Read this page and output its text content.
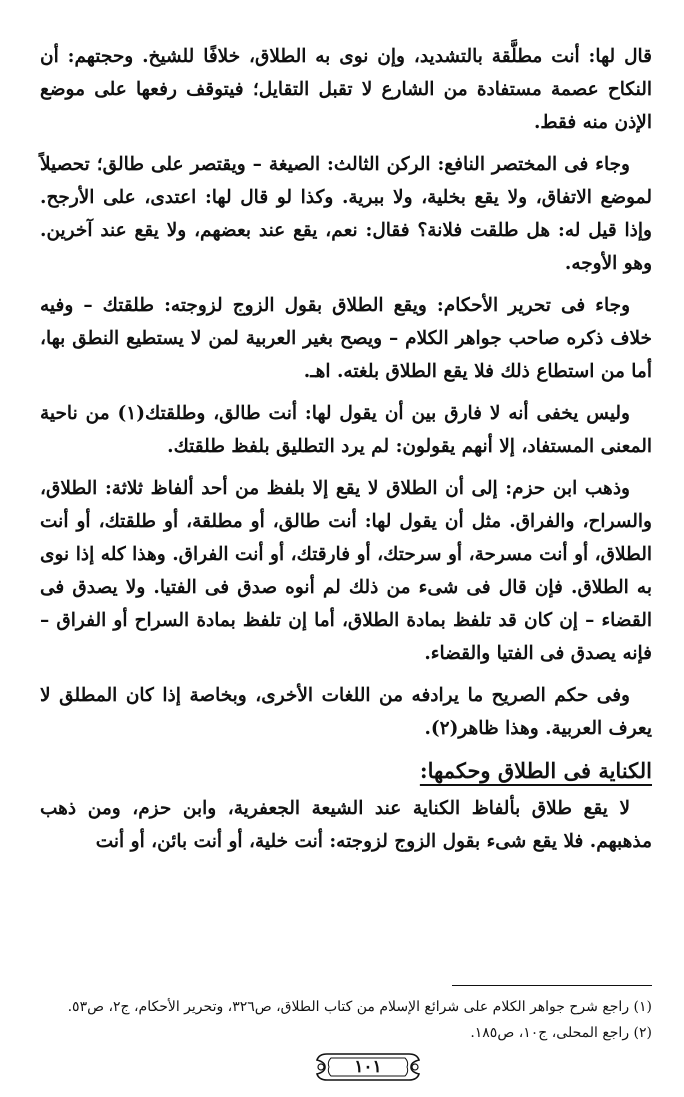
قال لها: أنت مطلَّقة بالتشديد، وإن نوى به الطلاق، خلافًا للشيخ. وحجتهم: أن النكاح عصمة مستفادة من الشارع لا تقبل التقايل؛ فيتوقف رفعها على موضع الإذن منه فقط.

وجاء فى المختصر النافع: الركن الثالث: الصيغة – ويقتصر على طالق؛ تحصيلاً لموضع الاتفاق، ولا يقع بخلية، ولا ببرية. وكذا لو قال لها: اعتدى، على الأرجح. وإذا قيل له: هل طلقت فلانة؟ فقال: نعم، يقع عند بعضهم، ولا يقع عند آخرين. وهو الأوجه.

وجاء فى تحرير الأحكام: ويقع الطلاق بقول الزوج لزوجته: طلقتك – وفيه خلاف ذكره صاحب جواهر الكلام – ويصح بغير العربية لمن لا يستطيع النطق بها، أما من استطاع ذلك فلا يقع الطلاق بلغته. اهـ.

وليس يخفى أنه لا فارق بين أن يقول لها: أنت طالق، وطلقتك(١) من ناحية المعنى المستفاد، إلا أنهم يقولون: لم يرد التطليق بلفظ طلقتك.

وذهب ابن حزم: إلى أن الطلاق لا يقع إلا بلفظ من أحد ألفاظ ثلاثة: الطلاق، والسراح، والفراق. مثل أن يقول لها: أنت طالق، أو مطلقة، أو طلقتك، أو أنت الطلاق، أو أنت مسرحة، أو سرحتك، أو فارقتك، أو أنت الفراق. وهذا كله إذا نوى به الطلاق. فإن قال فى شىء من ذلك لم أنوه صدق فى الفتيا. ولا يصدق فى القضاء – إن كان قد تلفظ بمادة الطلاق، أما إن تلفظ بمادة السراح أو الفراق – فإنه يصدق فى الفتيا والقضاء.

وفى حكم الصريح ما يرادفه من اللغات الأخرى، وبخاصة إذا كان المطلق لا يعرف العربية. وهذا ظاهر(٢).

الكناية فى الطلاق وحكمها:

لا يقع طلاق بألفاظ الكناية عند الشيعة الجعفرية، وابن حزم، ومن ذهب مذهبهم. فلا يقع شىء بقول الزوج لزوجته: أنت خلية، أو أنت بائن، أو أنت

(١) راجع شرح جواهر الكلام على شرائع الإسلام من كتاب الطلاق، ص٣٢٦، وتحرير الأحكام، ج٢، ص٥٣.

(٢) راجع المحلى، ج١٠، ص١٨٥.

١٠١
